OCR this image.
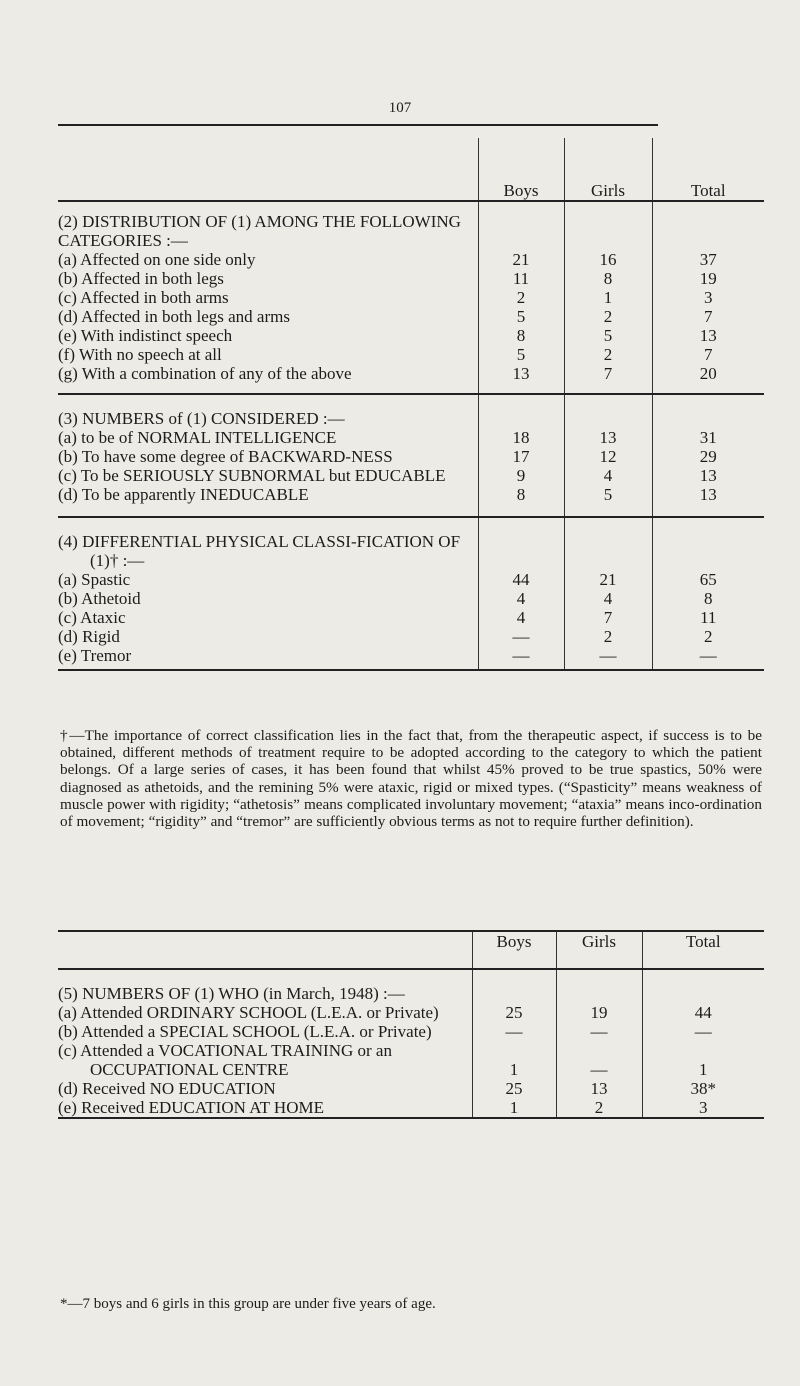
107
	Boys	Girls	Total
(2) DISTRIBUTION OF (1) AMONG THE FOLLOWING CATEGORIES :—			

(a) Affected on one side only	21	16	37

(b) Affected in both legs	11	8	19

(c) Affected in both arms	2	1	3

(d) Affected in both legs and arms	5	2	7

(e) With indistinct speech	8	5	13

(f) With no speech at all	5	2	7

(g) With a combination of any of the above	13	7	20
(3) NUMBERS of (1) CONSIDERED :—			

(a) to be of NORMAL INTELLIGENCE	18	13	31

(b) To have some degree of BACKWARD-NESS	17	12	29

(c) To be SERIOUSLY SUBNORMAL but EDUCABLE	9	4	13

(d) To be apparently INEDUCABLE	8	5	13

(4) DIFFERENTIAL PHYSICAL CLASSI-FICATION OF (1)† :—			

(a) Spastic	44	21	65

(b) Athetoid	4	4	8

(c) Ataxic	4	7	11

(d) Rigid	—	2	2

(e) Tremor	—	—	—

†—The importance of correct classification lies in the fact that, from the therapeutic aspect, if success is to be obtained, different methods of treatment require to be adopted according to the category to which the patient belongs. Of a large series of cases, it has been found that whilst 45% proved to be true spastics, 50% were diagnosed as athetoids, and the remining 5% were ataxic, rigid or mixed types. (“Spasticity” means weakness of muscle power with rigidity; “athetosis” means complicated involuntary movement; “ataxia” means inco-ordination of movement; “rigidity” and “tremor” are sufficiently obvious terms as not to require further definition).

	Boys	Girls	Total

(5) NUMBERS OF (1) WHO (in March, 1948) :—			

(a) Attended ORDINARY SCHOOL (L.E.A. or Private)	25	19	44

(b) Attended a SPECIAL SCHOOL (L.E.A. or Private)	—	—	—

(c) Attended a VOCATIONAL TRAINING or an OCCUPATIONAL CENTRE	1	—	1

(d) Received NO EDUCATION	25	13	38*

(e) Received EDUCATION AT HOME	1	2	3
*—7 boys and 6 girls in this group are under five years of age.
